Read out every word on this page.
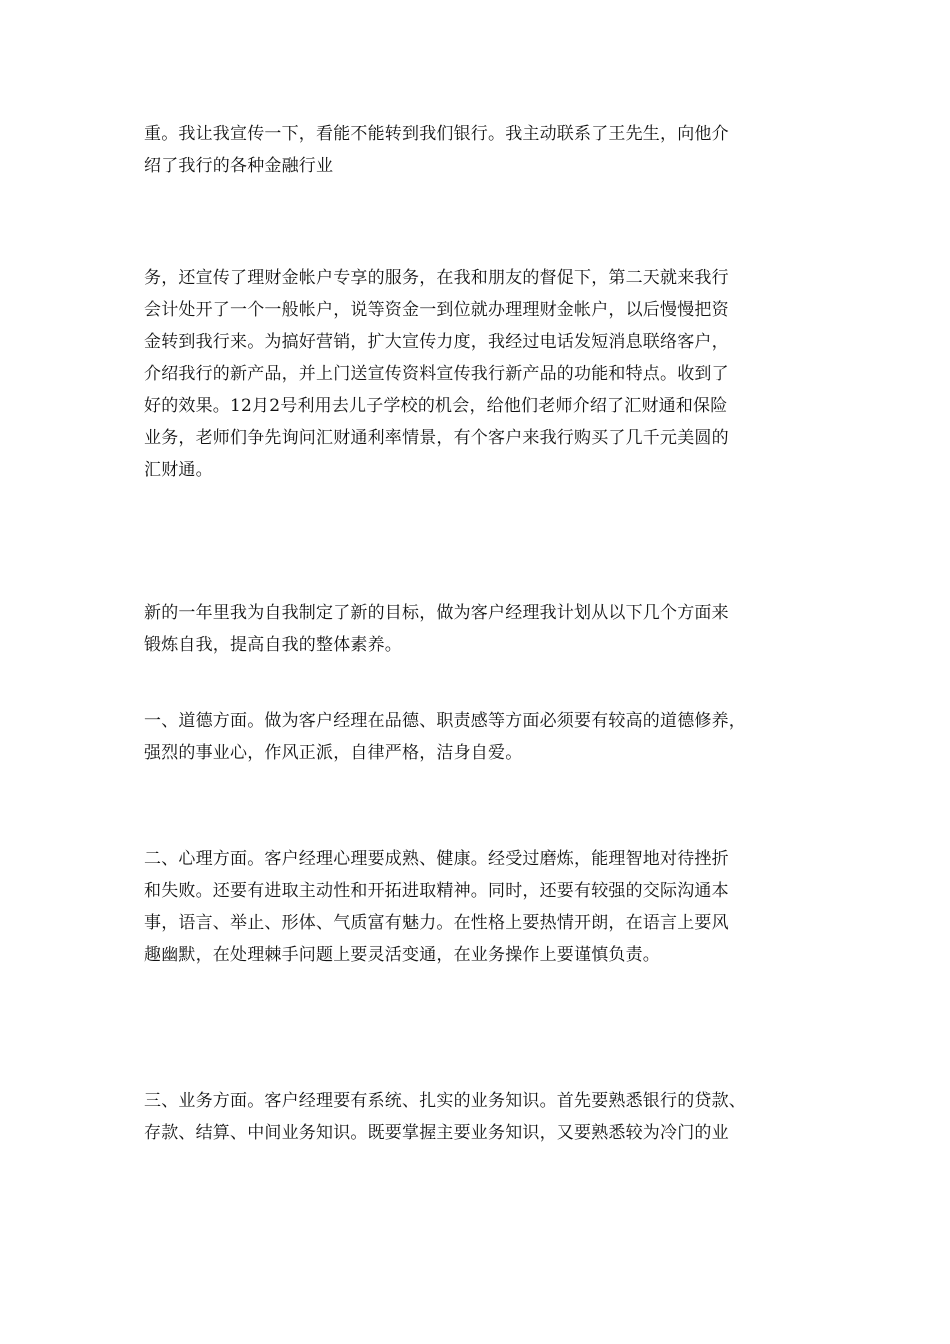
重。我让我宣传一下，看能不能转到我们银行。我主动联系了王先生，向他介
绍了我行的各种金融行业
务，还宣传了理财金帐户专享的服务，在我和朋友的督促下，第二天就来我行
会计处开了一个一般帐户，说等资金一到位就办理理财金帐户，以后慢慢把资
金转到我行来。为搞好营销，扩大宣传力度，我经过电话发短消息联络客户，
介绍我行的新产品，并上门送宣传资料宣传我行新产品的功能和特点。收到了
好的效果。12月2号利用去儿子学校的机会，给他们老师介绍了汇财通和保险
业务，老师们争先询问汇财通利率情景，有个客户来我行购买了几千元美圆的
汇财通。
新的一年里我为自我制定了新的目标，做为客户经理我计划从以下几个方面来
锻炼自我，提高自我的整体素养。
一、道德方面。做为客户经理在品德、职责感等方面必须要有较高的道德修养，
强烈的事业心，作风正派，自律严格，洁身自爱。
二、心理方面。客户经理心理要成熟、健康。经受过磨炼，能理智地对待挫折
和失败。还要有进取主动性和开拓进取精神。同时，还要有较强的交际沟通本
事，语言、举止、形体、气质富有魅力。在性格上要热情开朗，在语言上要风
趣幽默，在处理棘手问题上要灵活变通，在业务操作上要谨慎负责。
三、业务方面。客户经理要有系统、扎实的业务知识。首先要熟悉银行的贷款、
存款、结算、中间业务知识。既要掌握主要业务知识，又要熟悉较为冷门的业
